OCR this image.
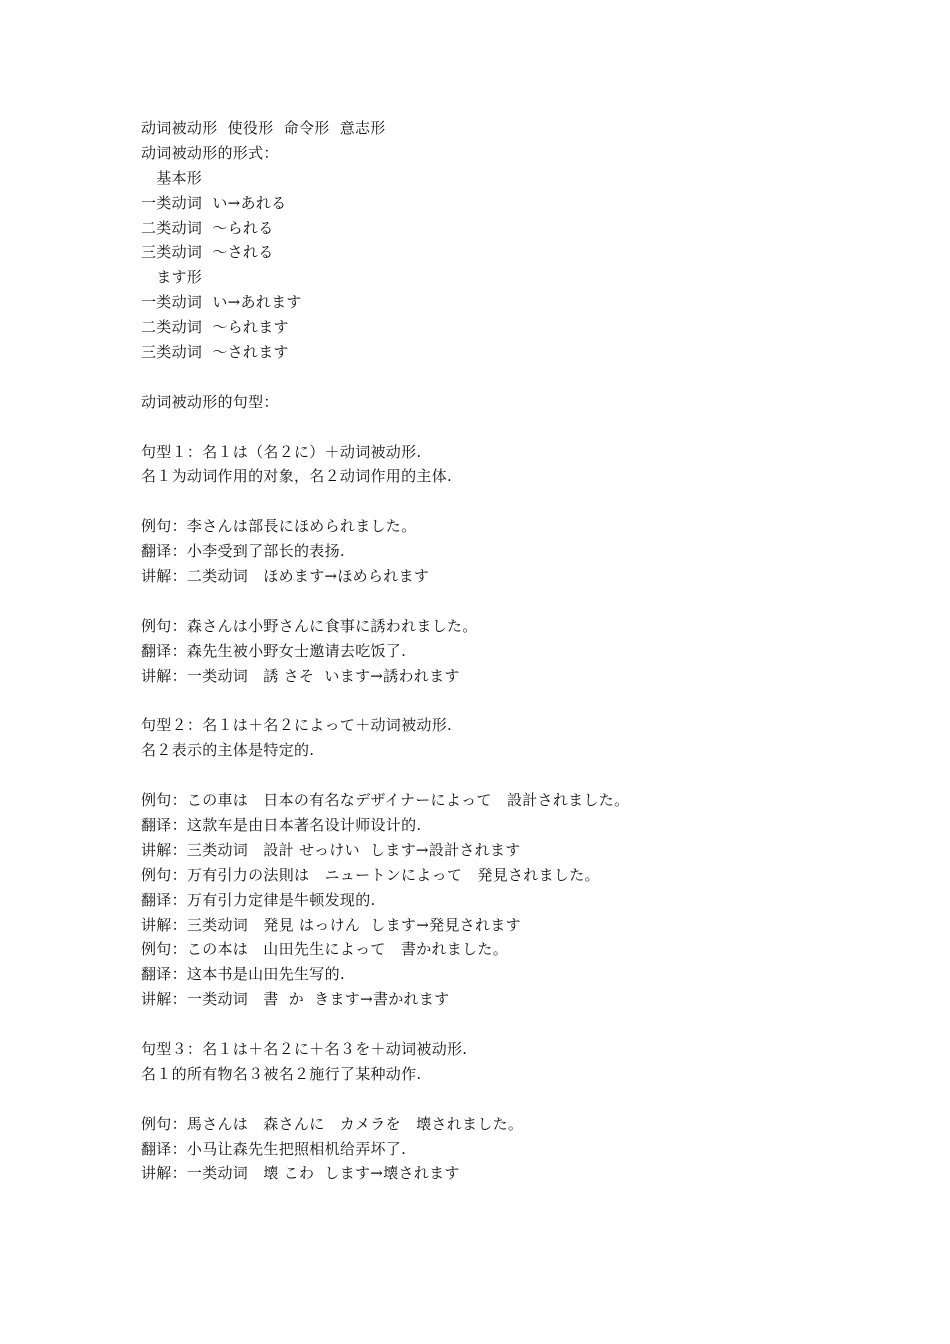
动词被动形  使役形  命令形  意志形
动词被动形的形式：
基本形
一类动词  い→あれる
二类动词  ～られる
三类动词  ～される
ます形
一类动词  い→あれます
二类动词  ～られます
三类动词  ～されます
动词被动形的句型：
句型１：名１は（名２に）＋动词被动形.
名１为动词作用的对象，名２动词作用的主体.
例句：李さんは部長にほめられました。
翻译：小李受到了部长的表扬.
讲解：二类动词   ほめます→ほめられます
例句：森さんは小野さんに食事に誘われました。
翻译：森先生被小野女士邀请去吃饭了.
讲解：一类动词   誘 さそ  います→誘われます
句型２：名１は＋名２によって＋动词被动形.
名２表示的主体是特定的.
例句：この車は   日本の有名なデザイナーによって   設計されました。
翻译：这款车是由日本著名设计师设计的.
讲解：三类动词   設計 せっけい  します→設計されます
例句：万有引力の法則は   ニュートンによって   発見されました。
翻译：万有引力定律是牛顿发现的.
讲解：三类动词   発見 はっけん  します→発見されます
例句：この本は   山田先生によって   書かれました。
翻译：这本书是山田先生写的.
讲解：一类动词   書  か  きます→書かれます
句型３：名１は＋名２に＋名３を＋动词被动形.
名１的所有物名３被名２施行了某种动作.
例句：馬さんは   森さんに   カメラを   壊されました。
翻译：小马让森先生把照相机给弄坏了.
讲解：一类动词   壊 こわ  します→壊されます
